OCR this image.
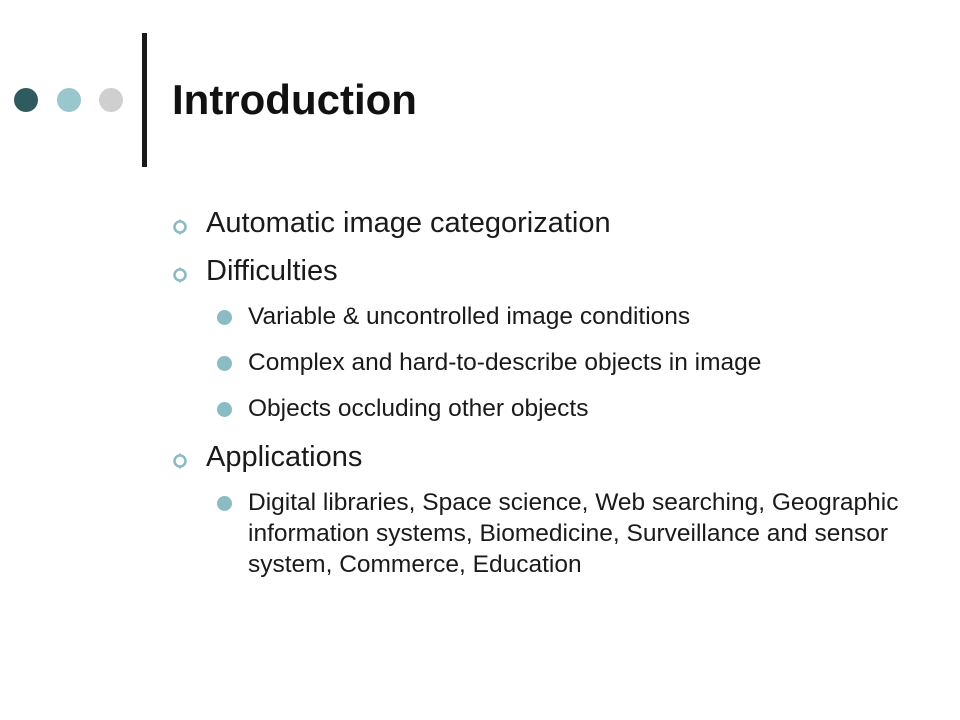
Introduction
Automatic image categorization
Difficulties
Variable & uncontrolled image conditions
Complex and hard-to-describe objects in image
Objects occluding other objects
Applications
Digital libraries, Space science, Web searching, Geographic information systems, Biomedicine, Surveillance and sensor system, Commerce, Education
